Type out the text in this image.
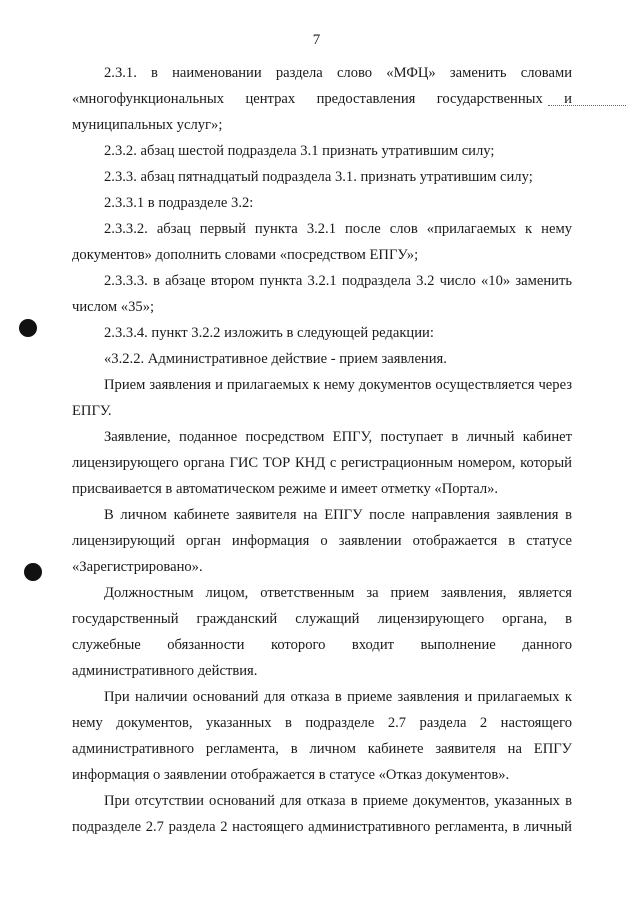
7

2.3.1. в наименовании раздела слово «МФЦ» заменить словами «многофункциональных центрах предоставления государственных и муниципальных услуг»;

2.3.2. абзац шестой подраздела 3.1 признать утратившим силу;

2.3.3. абзац пятнадцатый подраздела 3.1. признать утратившим силу;

2.3.3.1 в подразделе 3.2:

2.3.3.2. абзац первый пункта 3.2.1 после слов «прилагаемых к нему документов» дополнить словами «посредством ЕПГУ»;

2.3.3.3. в абзаце втором пункта 3.2.1 подраздела 3.2 число «10» заменить числом «35»;

2.3.3.4. пункт 3.2.2 изложить в следующей редакции:

«3.2.2. Административное действие - прием заявления.

Прием заявления и прилагаемых к нему документов осуществляется через ЕПГУ.

Заявление, поданное посредством ЕПГУ, поступает в личный кабинет лицензирующего органа ГИС ТОР КНД с регистрационным номером, который присваивается в автоматическом режиме и имеет отметку «Портал».

В личном кабинете заявителя на ЕПГУ после направления заявления в лицензирующий орган информация о заявлении отображается в статусе «Зарегистрировано».

Должностным лицом, ответственным за прием заявления, является государственный гражданский служащий лицензирующего органа, в служебные обязанности которого входит выполнение данного административного действия.

При наличии оснований для отказа в приеме заявления и прилагаемых к нему документов, указанных в подразделе 2.7 раздела 2 настоящего административного регламента, в личном кабинете заявителя на ЕПГУ информация о заявлении отображается в статусе «Отказ документов».

При отсутствии оснований для отказа в приеме документов, указанных в подразделе 2.7 раздела 2 настоящего административного регламента, в личный
